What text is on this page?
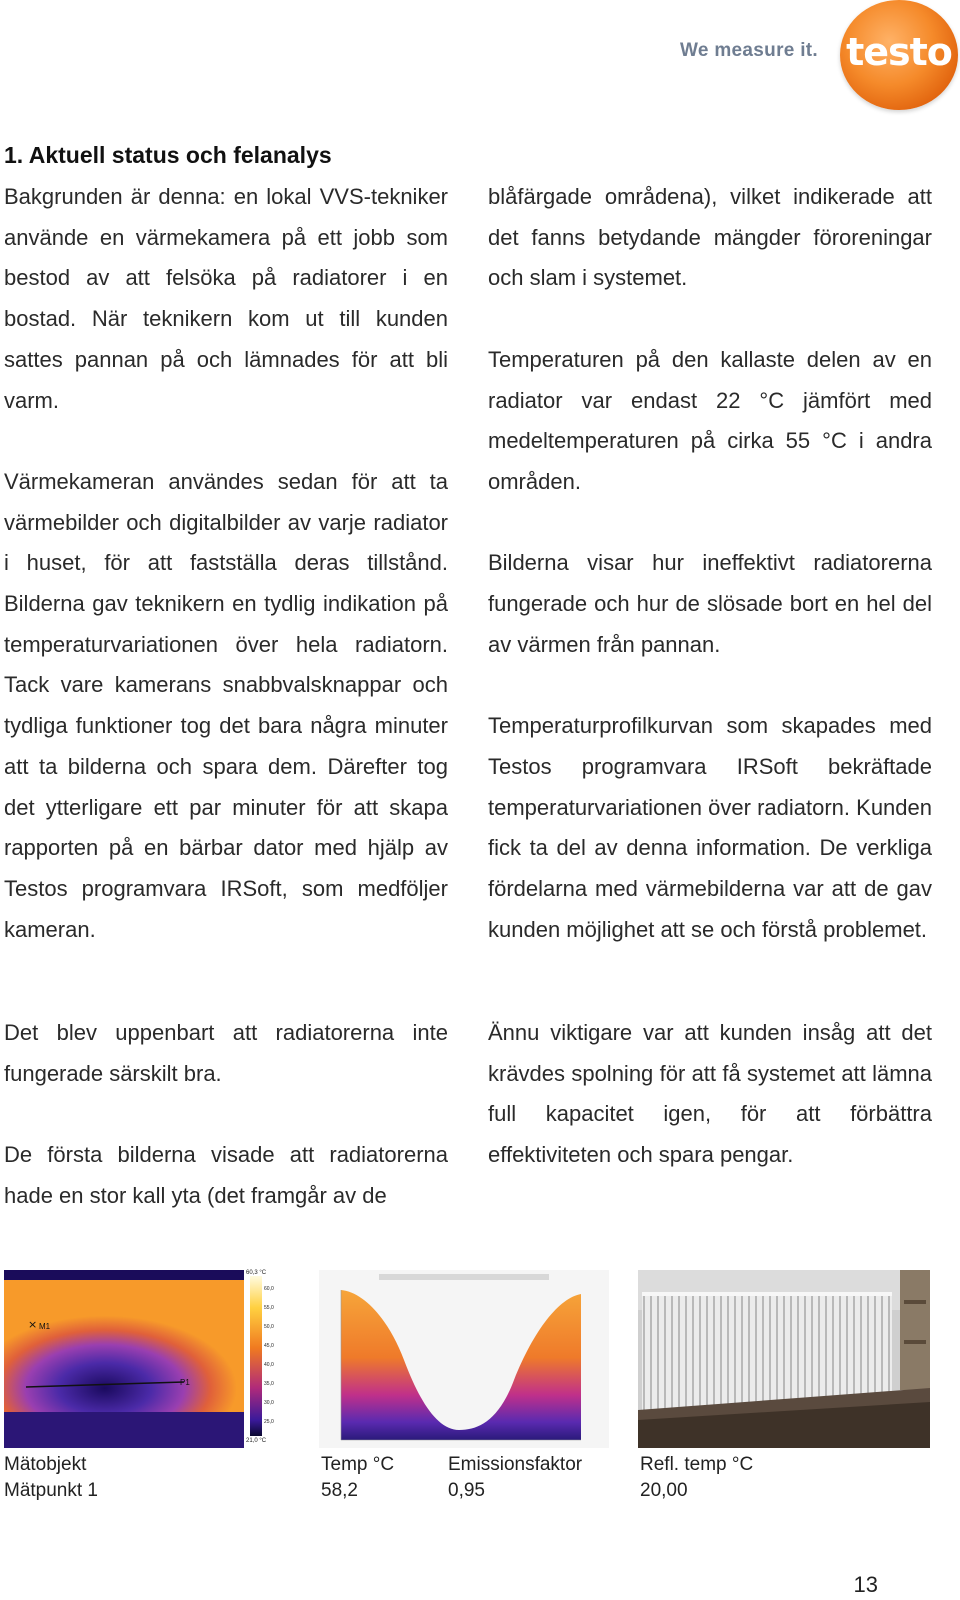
We measure it. testo
1. Aktuell status och felanalys

Bakgrunden är denna: en lokal VVS-tekniker använde en värmekamera på ett jobb som bestod av att felsöka på radiatorer i en bostad. När teknikern kom ut till kunden sattes pannan på och lämnades för att bli varm.

Värmekameran användes sedan för att ta värmebilder och digitalbilder av varje radiator i huset, för att fastställa deras tillstånd. Bilderna gav teknikern en tydlig indikation på temperaturvariationen över hela radiatorn. Tack vare kamerans snabbvalsknappar och tydliga funktioner tog det bara några minuter att ta bilderna och spara dem. Därefter tog det ytterligare ett par minuter för att skapa rapporten på en bärbar dator med hjälp av Testos programvara IRSoft, som medföljer kameran.

blåfärgade områdena), vilket indikerade att det fanns betydande mängder föroreningar och slam i systemet.

Temperaturen på den kallaste delen av en radiator var endast 22 °C jämfört med medeltemperaturen på cirka 55 °C i andra områden.

Bilderna visar hur ineffektivt radiatorerna fungerade och hur de slösade bort en hel del av värmen från pannan.

Temperaturprofilkurvan som skapades med Testos programvara IRSoft bekräftade temperaturvariationen över radiatorn. Kunden fick ta del av denna information. De verkliga fördelarna med värmebilderna var att de gav kunden möjlighet att se och förstå problemet.

Det blev uppenbart att radiatorerna inte fungerade särskilt bra.

De första bilderna visade att radiatorerna hade en stor kall yta (det framgår av de

Ännu viktigare var att kunden insåg att det krävdes spolning för att få systemet att lämna full kapacitet igen, för att förbättra effektiviteten och spara pengar.

× M1
P1
60,3 °C
21,0 °C
60,0
55,0
50,0
45,0
40,0
35,0
30,0
25,0
Mätobjekt
Mätpunkt 1
Temp °C
58,2
Emissionsfaktor
0,95
Refl. temp °C
20,00
13
